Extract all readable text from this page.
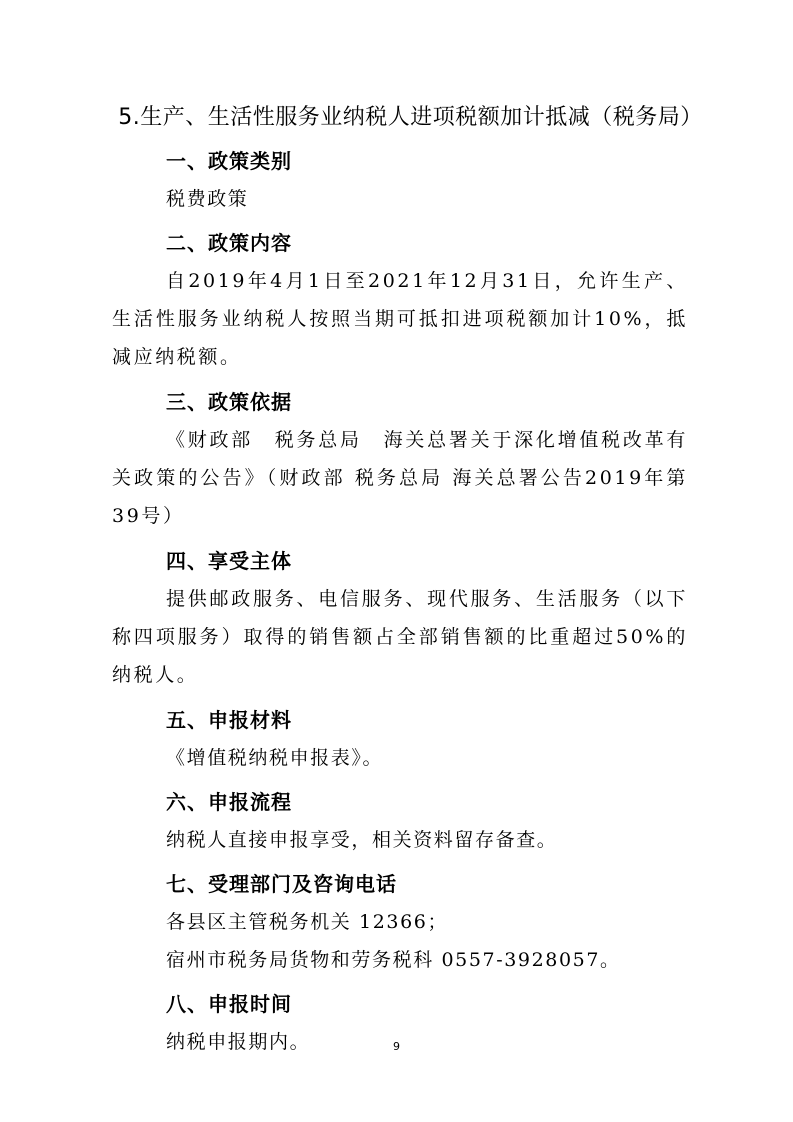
5.生产、生活性服务业纳税人进项税额加计抵减（税务局）
一、政策类别
税费政策
二、政策内容
自2019年4月1日至2021年12月31日，允许生产、生活性服务业纳税人按照当期可抵扣进项税额加计10%，抵减应纳税额。
三、政策依据
《财政部　税务总局　海关总署关于深化增值税改革有关政策的公告》（财政部 税务总局 海关总署公告2019年第39号）
四、享受主体
提供邮政服务、电信服务、现代服务、生活服务（以下称四项服务）取得的销售额占全部销售额的比重超过50%的纳税人。
五、申报材料
《增值税纳税申报表》。
六、申报流程
纳税人直接申报享受，相关资料留存备查。
七、受理部门及咨询电话
各县区主管税务机关 12366；
宿州市税务局货物和劳务税科 0557-3928057。
八、申报时间
纳税申报期内。	9
